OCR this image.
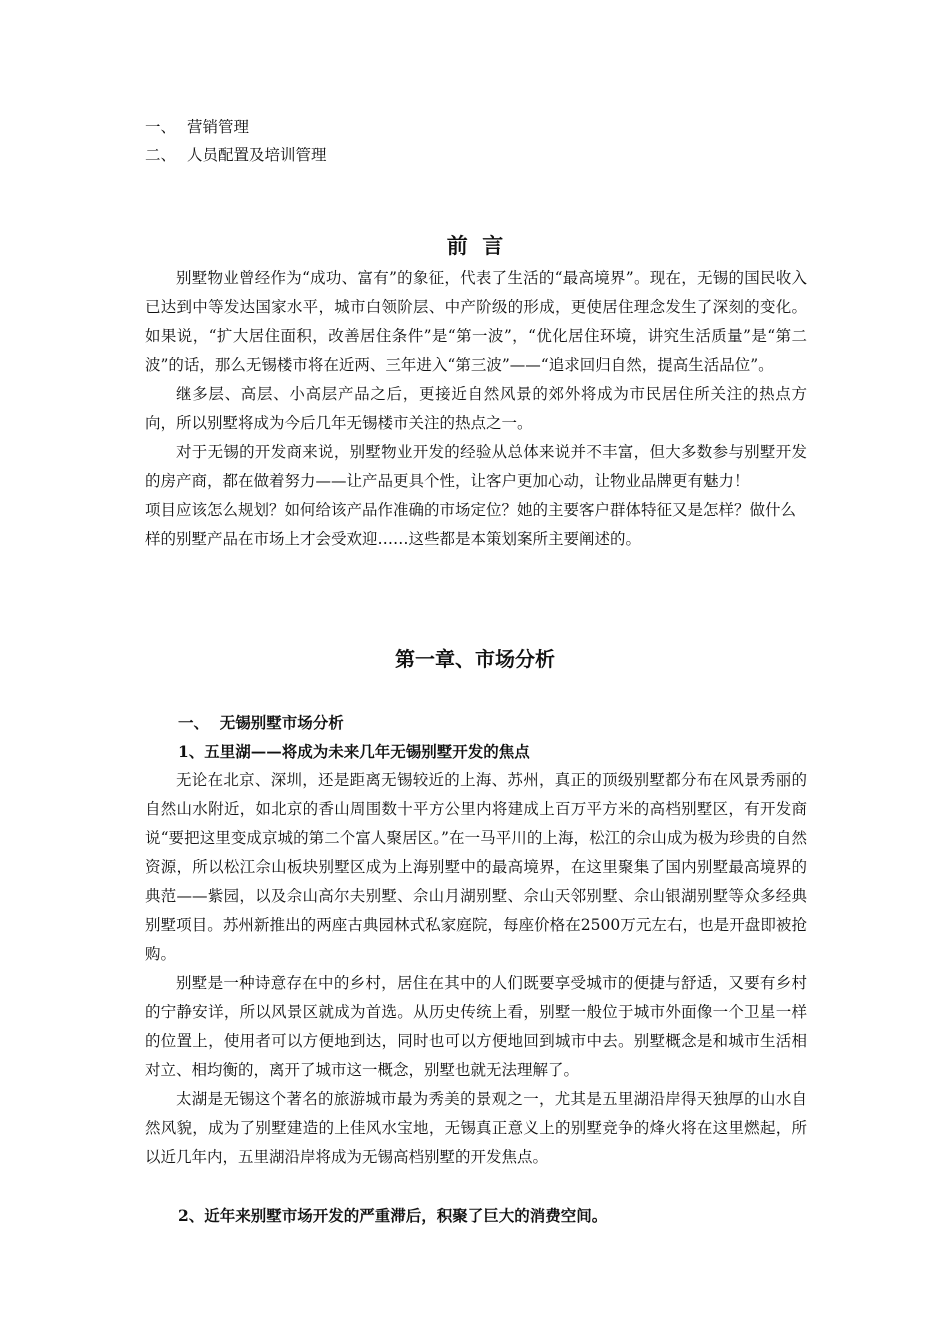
一、 营销管理
二、 人员配置及培训管理
前  言

别墅物业曾经作为“成功、富有”的象征，代表了生活的“最高境界”。现在，无锡的国民收入已达到中等发达国家水平，城市白领阶层、中产阶级的形成，更使居住理念发生了深刻的变化。如果说，“扩大居住面积，改善居住条件”是“第一波”，“优化居住环境，讲究生活质量”是“第二波”的话，那么无锡楼市将在近两、三年进入“第三波”——“追求回归自然，提高生活品位”。

继多层、高层、小高层产品之后，更接近自然风景的郊外将成为市民居住所关注的热点方向，所以别墅将成为今后几年无锡楼市关注的热点之一。

对于无锡的开发商来说，别墅物业开发的经验从总体来说并不丰富，但大多数参与别墅开发的房产商，都在做着努力——让产品更具个性，让客户更加心动，让物业品牌更有魅力！

项目应该怎么规划？如何给该产品作准确的市场定位？她的主要客户群体特征又是怎样？做什么样的别墅产品在市场上才会受欢迎……这些都是本策划案所主要阐述的。

第一章、市场分析
一、  无锡别墅市场分析
1、五里湖——将成为未来几年无锡别墅开发的焦点

无论在北京、深圳，还是距离无锡较近的上海、苏州，真正的顶级别墅都分布在风景秀丽的自然山水附近，如北京的香山周围数十平方公里内将建成上百万平方米的高档别墅区，有开发商说“要把这里变成京城的第二个富人聚居区。”在一马平川的上海，松江的佘山成为极为珍贵的自然资源，所以松江佘山板块别墅区成为上海别墅中的最高境界，在这里聚集了国内别墅最高境界的典范——紫园，以及佘山高尔夫别墅、佘山月湖别墅、佘山天邻别墅、佘山银湖别墅等众多经典别墅项目。苏州新推出的两座古典园林式私家庭院，每座价格在2500万元左右，也是开盘即被抢购。

别墅是一种诗意存在中的乡村，居住在其中的人们既要享受城市的便捷与舒适，又要有乡村的宁静安详，所以风景区就成为首选。从历史传统上看，别墅一般位于城市外面像一个卫星一样的位置上，使用者可以方便地到达，同时也可以方便地回到城市中去。别墅概念是和城市生活相对立、相均衡的，离开了城市这一概念，别墅也就无法理解了。

太湖是无锡这个著名的旅游城市最为秀美的景观之一，尤其是五里湖沿岸得天独厚的山水自然风貌，成为了别墅建造的上佳风水宝地，无锡真正意义上的别墅竞争的烽火将在这里燃起，所以近几年内，五里湖沿岸将成为无锡高档别墅的开发焦点。

2、近年来别墅市场开发的严重滞后，积聚了巨大的消费空间。
